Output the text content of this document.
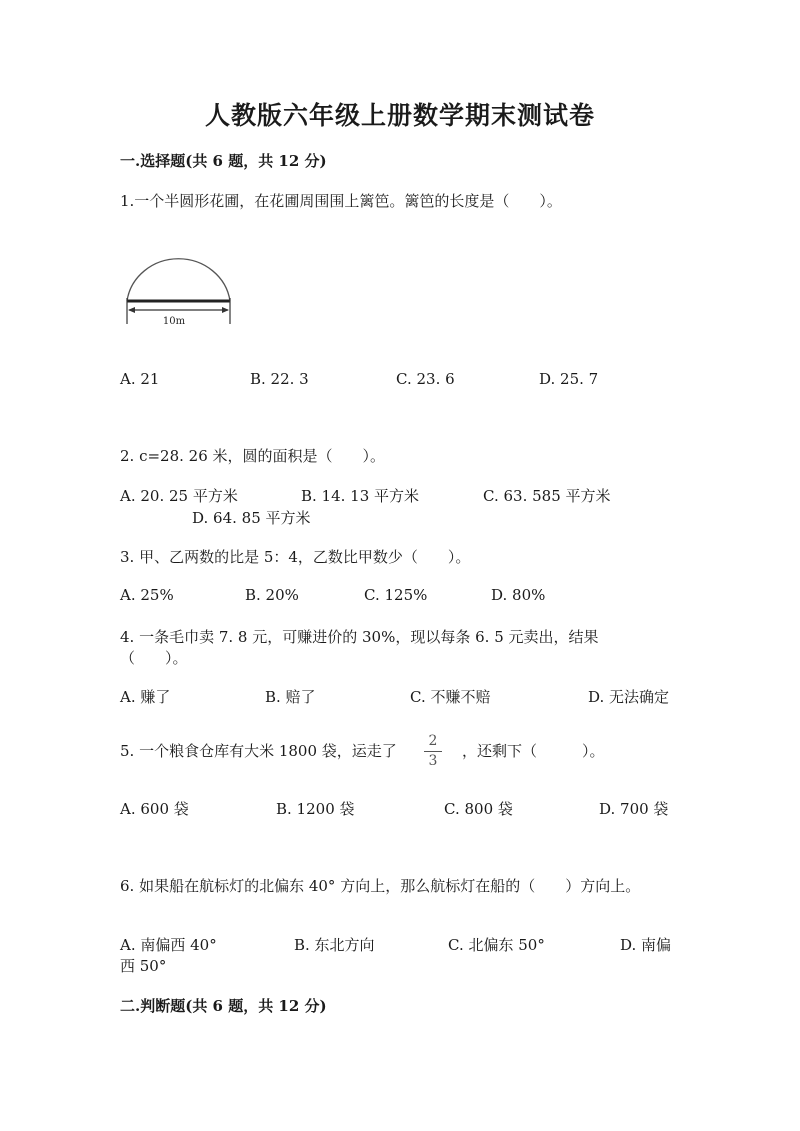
人教版六年级上册数学期末测试卷
一.选择题(共 6 题，共 12 分)
1.一个半圆形花圃，在花圃周围围上篱笆。篱笆的长度是（　　）。
10m
A. 21	B. 22. 3	C. 23. 6	D. 25. 7
2. c=28. 26 米，圆的面积是（　　）。
A. 20. 25 平方米	B. 14. 13 平方米	C. 63. 585 平方米
D. 64. 85 平方米
3. 甲、乙两数的比是 5：4，乙数比甲数少（　　）。
A. 25%	B. 20%	C. 125%	D. 80%
4. 一条毛巾卖 7. 8 元，可赚进价的 30%，现以每条 6. 5 元卖出，结果
（　　）。
A. 赚了	B. 赔了	C. 不赚不赔	D. 无法确定
5. 一个粮食仓库有大米 1800 袋，运走了
2
3
，还剩下（　　　）。
A. 600 袋	B. 1200 袋	C. 800 袋	D. 700 袋
6. 如果船在航标灯的北偏东 40° 方向上，那么航标灯在船的（　　）方向上。
A. 南偏西 40°	B. 东北方向	C. 北偏东 50°	D. 南偏
西 50°
二.判断题(共 6 题，共 12 分)
